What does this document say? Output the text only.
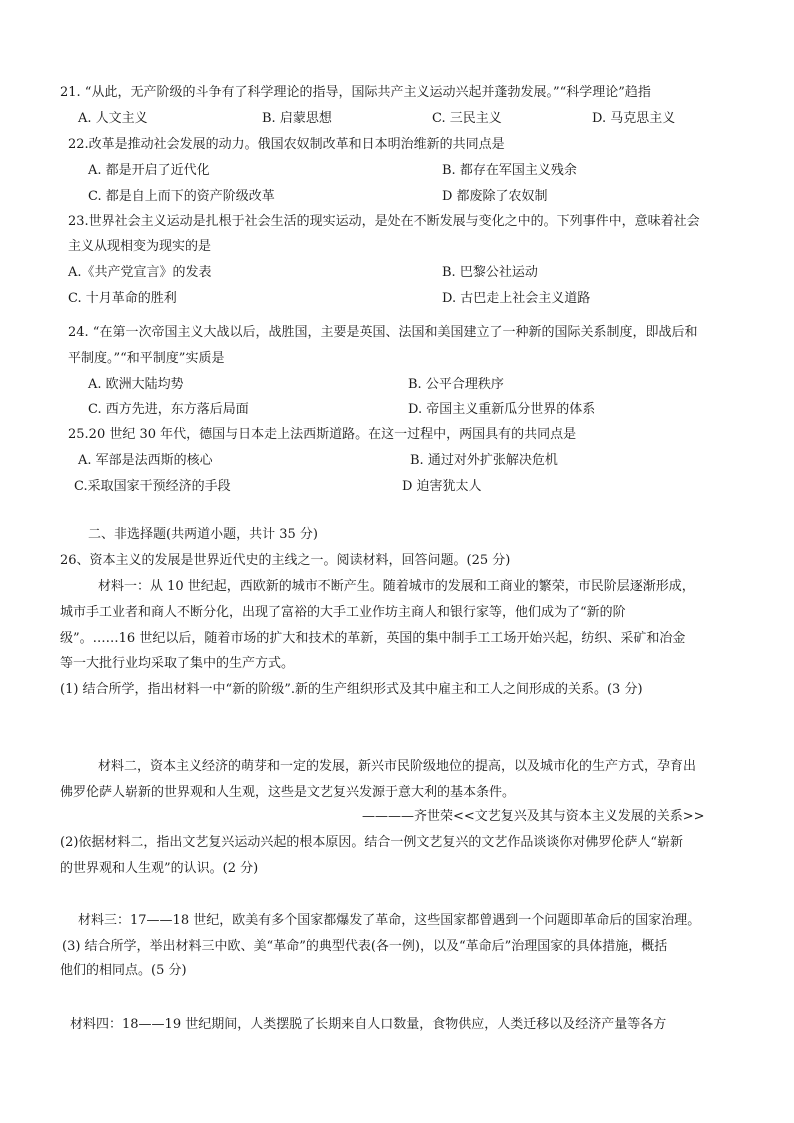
21. “从此，无产阶级的斗争有了科学理论的指导，国际共产主义运动兴起并蓬勃发展。”“科学理论”趋指
A. 人文主义	B. 启蒙思想	C. 三民主义	D. 马克思主义
22.改革是推动社会发展的动力。俄国农奴制改革和日本明治维新的共同点是
A. 都是开启了近代化	B. 都存在军国主义残余
C. 都是自上而下的资产阶级改革	D 都废除了农奴制
23.世界社会主义运动是扎根于社会生活的现实运动，是处在不断发展与变化之中的。下列事件中，意味着社会
主义从现相变为现实的是
A.《共产党宣言》的发表	B. 巴黎公社运动
C. 十月革命的胜利	D. 古巴走上社会主义道路
24. “在第一次帝国主义大战以后，战胜国，主要是英国、法国和美国建立了一种新的国际关系制度，即战后和
平制度。”“和平制度”实质是
A. 欧洲大陆均势	B. 公平合理秩序
C. 西方先进，东方落后局面	D. 帝国主义重新瓜分世界的体系
25.20 世纪 30 年代，德国与日本走上法西斯道路。在这一过程中，两国具有的共同点是
A. 军部是法西斯的核心	B. 通过对外扩张解决危机
C.采取国家干预经济的手段	D 迫害犹太人
二、非选择题(共两道小题，共计 35 分)
26、资本主义的发展是世界近代史的主线之一。阅读材料，回答问题。(25 分)
材料一：从 10 世纪起，西欧新的城市不断产生。随着城市的发展和工商业的繁荣，市民阶层逐渐形成，
城市手工业者和商人不断分化，出现了富裕的大手工业作坊主商人和银行家等，他们成为了“新的阶
级”。……16 世纪以后，随着市场的扩大和技术的革新，英国的集中制手工工场开始兴起，纺织、采矿和冶金
等一大批行业均采取了集中的生产方式。
(1) 结合所学，指出材料一中“新的阶级”.新的生产组织形式及其中雇主和工人之间形成的关系。(3 分)
材料二，资本主义经济的萌芽和一定的发展，新兴市民阶级地位的提高，以及城市化的生产方式，孕育出
佛罗伦萨人崭新的世界观和人生观，这些是文艺复兴发源于意大利的基本条件。
————齐世荣<<文艺复兴及其与资本主义发展的关系>>
(2)依据材料二，指出文艺复兴运动兴起的根本原因。结合一例文艺复兴的文艺作品谈谈你对佛罗伦萨人“崭新
的世界观和人生观”的认识。(2 分)
材料三：17——18 世纪，欧美有多个国家都爆发了革命，这些国家都曾遇到一个问题即革命后的国家治理。
(3) 结合所学，举出材料三中欧、美“革命”的典型代表(各一例)，以及“革命后”治理国家的具体措施，概括
他们的相同点。(5 分)
材料四：18——19 世纪期间，人类摆脱了长期来自人口数量，食物供应，人类迁移以及经济产量等各方
